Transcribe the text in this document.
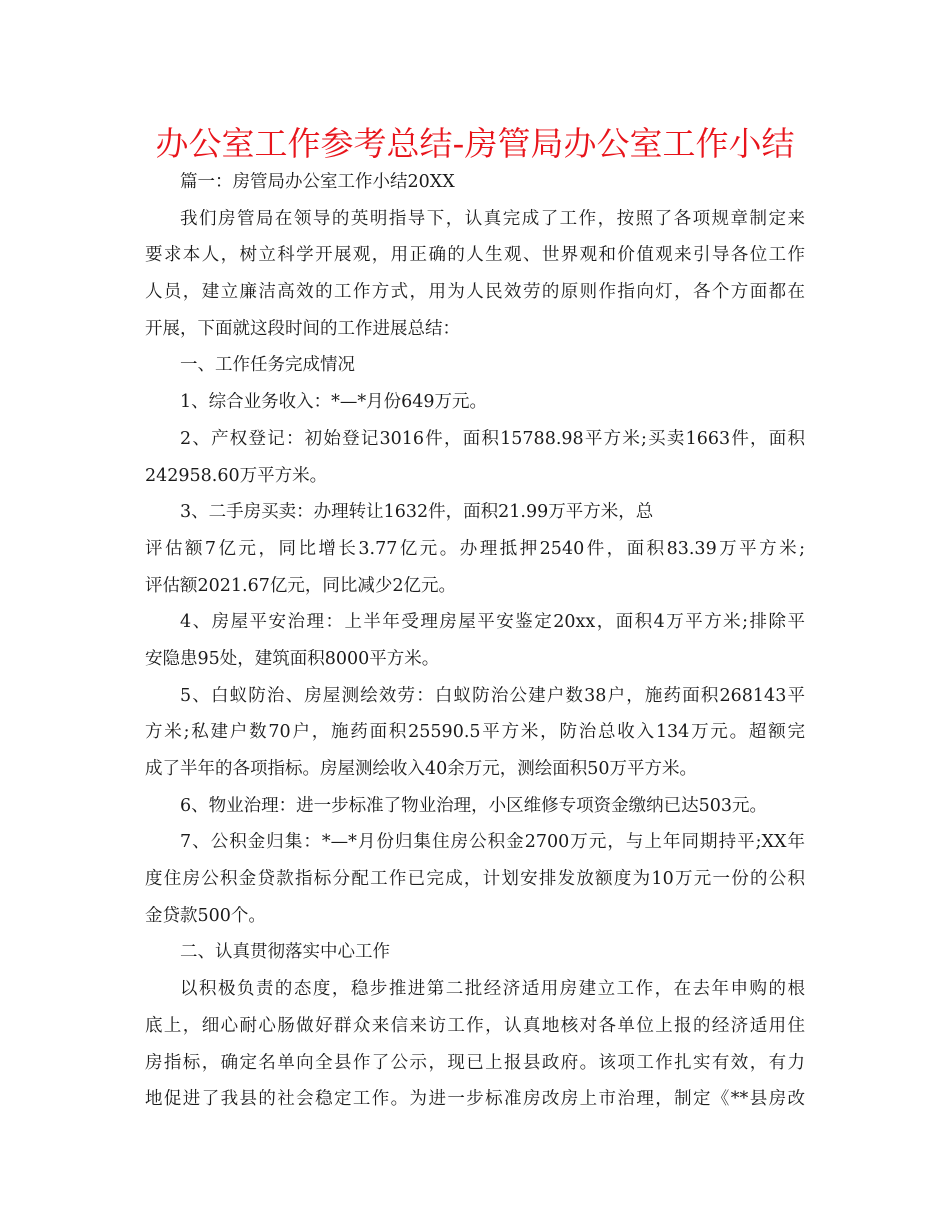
办公室工作参考总结-房管局办公室工作小结
篇一：房管局办公室工作小结20XX
我们房管局在领导的英明指导下，认真完成了工作，按照了各项规章制定来
要求本人，树立科学开展观，用正确的人生观、世界观和价值观来引导各位工作
人员，建立廉洁高效的工作方式，用为人民效劳的原则作指向灯，各个方面都在
开展，下面就这段时间的工作进展总结：
一、工作任务完成情况
1、综合业务收入：*—*月份649万元。
2、产权登记：初始登记3016件，面积15788.98平方米;买卖1663件，面积
242958.60万平方米。
3、二手房买卖：办理转让1632件，面积21.99万平方米，总
评估额7亿元，同比增长3.77亿元。办理抵押2540件，面积83.39万平方米;
评估额2021.67亿元，同比减少2亿元。
4、房屋平安治理：上半年受理房屋平安鉴定20xx，面积4万平方米;排除平
安隐患95处，建筑面积8000平方米。
5、白蚁防治、房屋测绘效劳：白蚁防治公建户数38户，施药面积268143平
方米;私建户数70户，施药面积25590.5平方米，防治总收入134万元。超额完
成了半年的各项指标。房屋测绘收入40余万元，测绘面积50万平方米。
6、物业治理：进一步标准了物业治理，小区维修专项资金缴纳已达503元。
7、公积金归集：*—*月份归集住房公积金2700万元，与上年同期持平;XX年
度住房公积金贷款指标分配工作已完成，计划安排发放额度为10万元一份的公积
金贷款500个。
二、认真贯彻落实中心工作
以积极负责的态度，稳步推进第二批经济适用房建立工作，在去年申购的根
底上，细心耐心肠做好群众来信来访工作，认真地核对各单位上报的经济适用住
房指标，确定名单向全县作了公示，现已上报县政府。该项工作扎实有效，有力
地促进了我县的社会稳定工作。为进一步标准房改房上市治理，制定《**县房改
